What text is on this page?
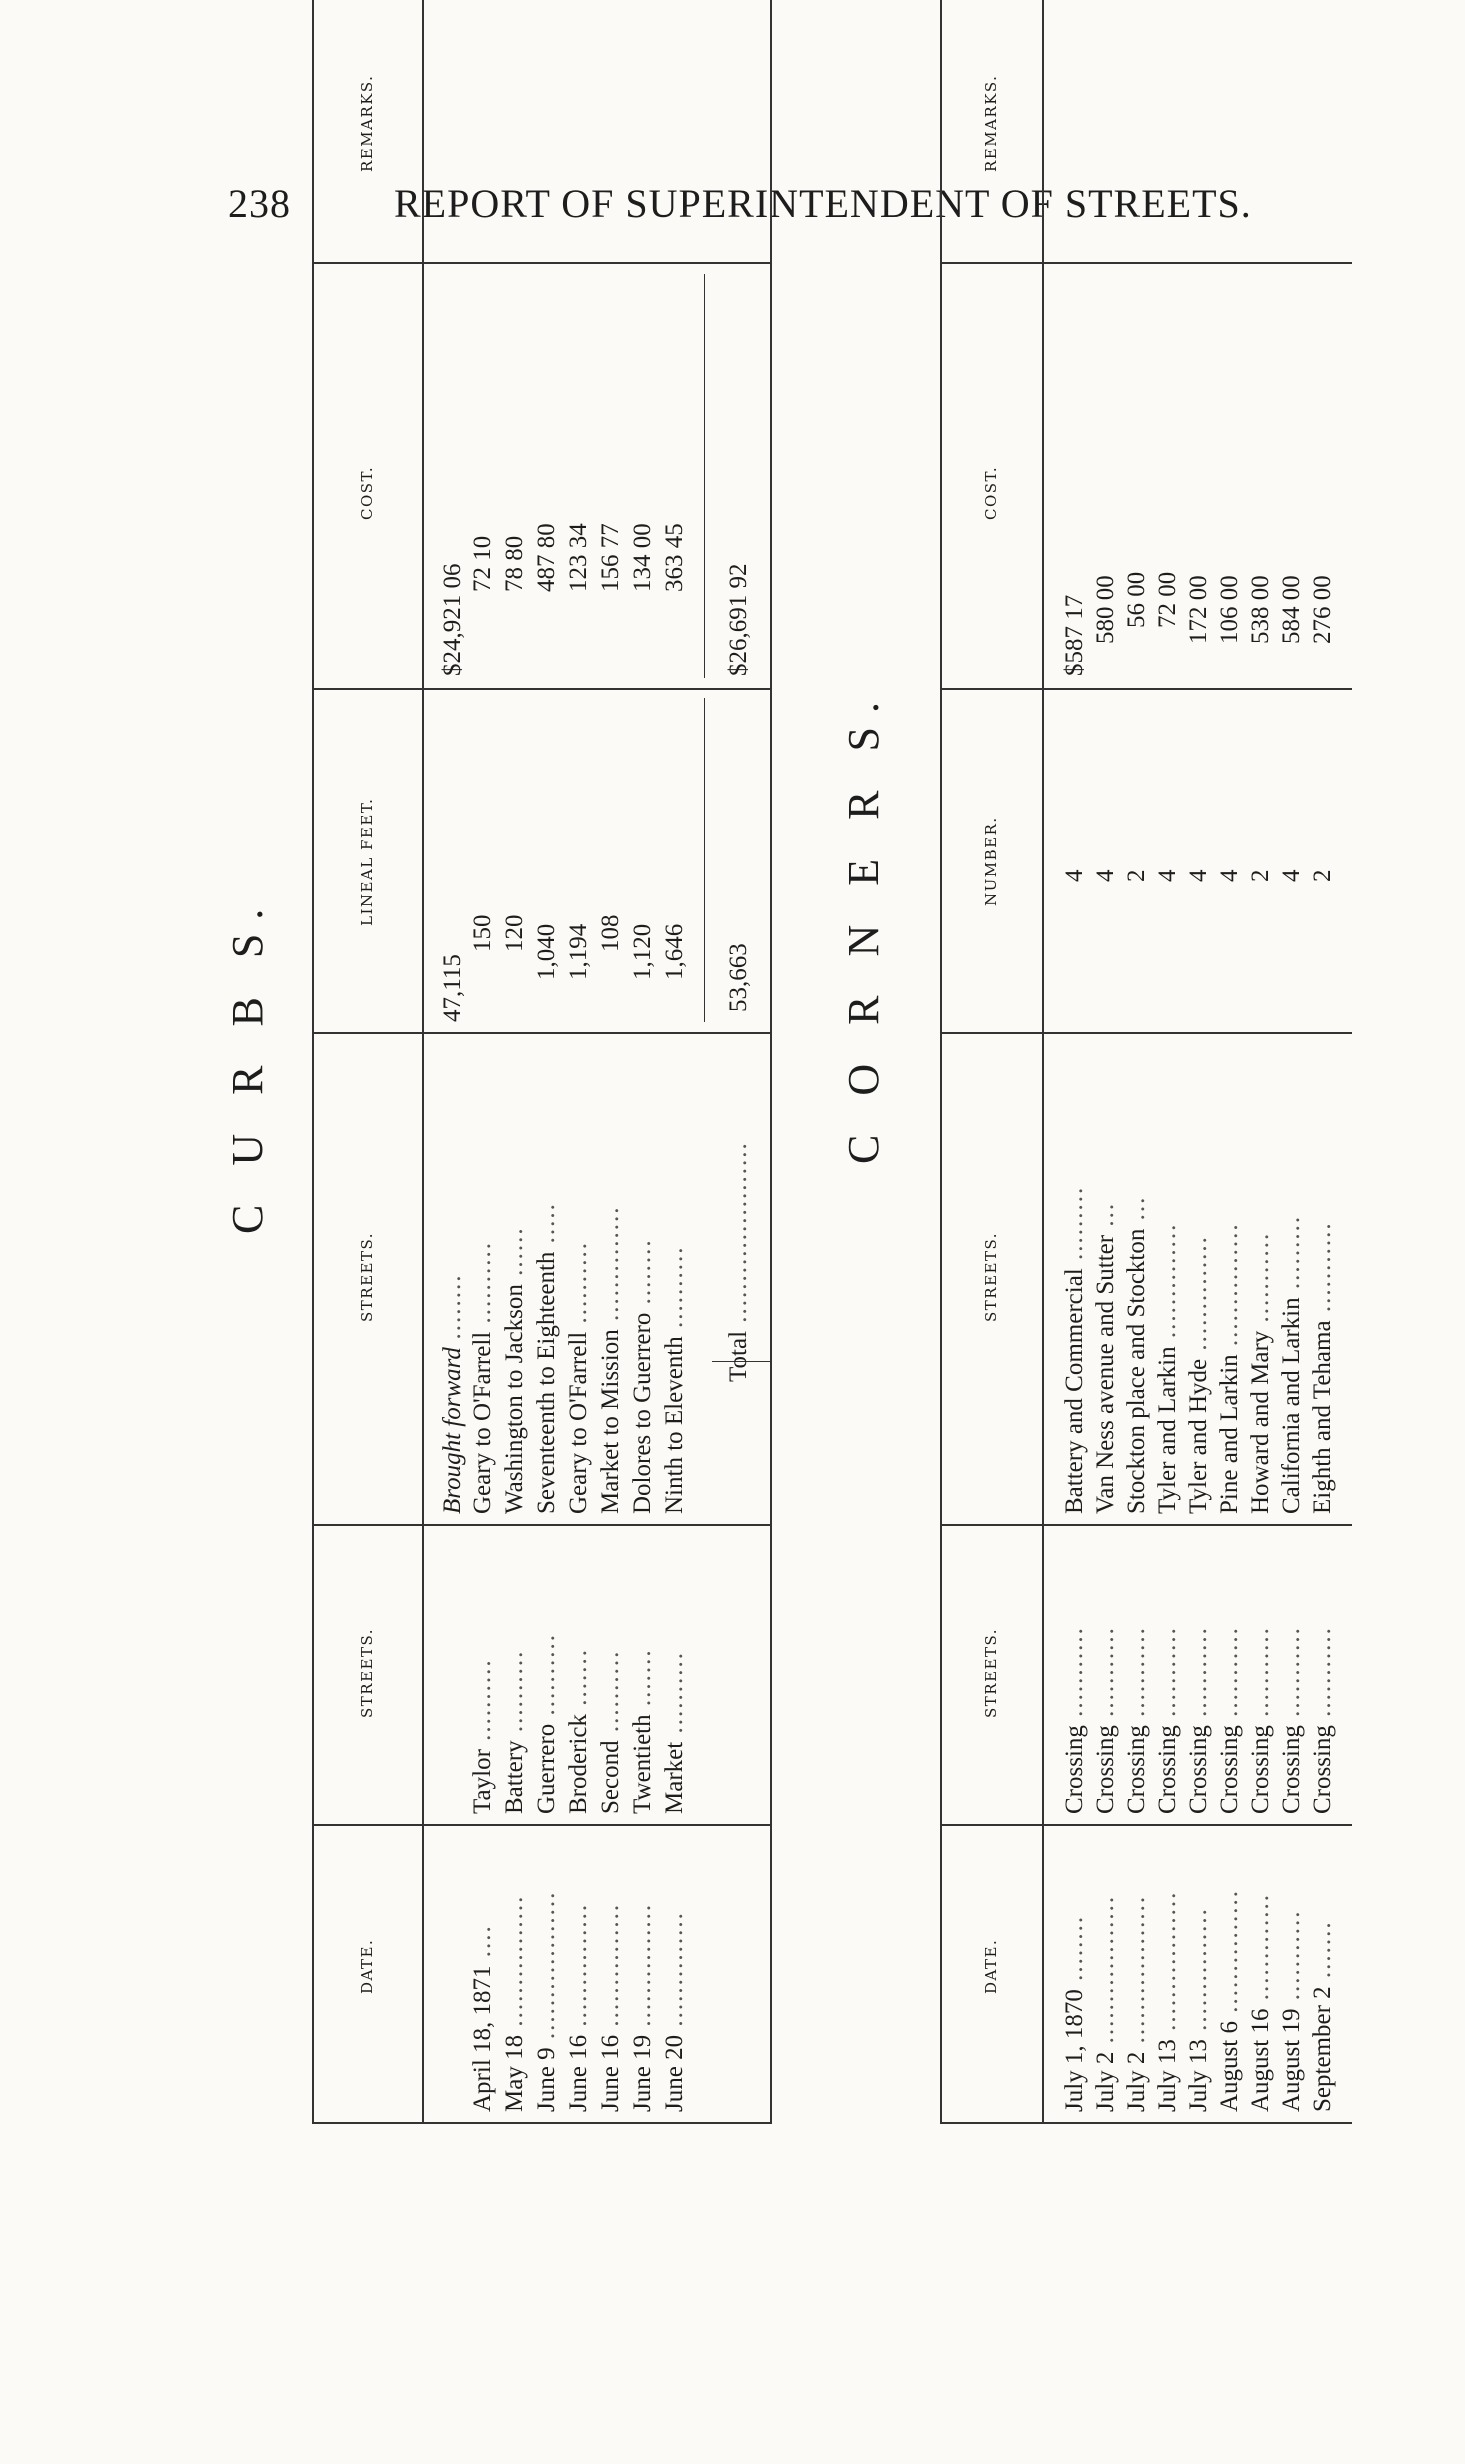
238	REPORT OF SUPERINTENDENT OF STREETS.
C U R B S.
DATE.
STREETS.
STREETS.
LINEAL FEET.
COST.
REMARKS.
Brought forward ........
47,115
$24,921 06
April 18, 1871 ....
Taylor ..........
Geary to O'Farrell ..........
150
72 10
May 18 ................
Battery ..........
Washington to Jackson ......
120
78 80
June 9 ..................
Guerrero ..........
Seventeenth to Eighteenth .....
1,040
487 80
June 16 ...............
Broderick .......
Geary to O'Farrell ..........
1,194
123 34
June 16 ...............
Second ..........
Market to Mission ..............
108
156 77
June 19 ...............
Twentieth .......
Dolores to Guerrero ........
1,120
134 00
June 20 ..............
Market ..........
Ninth to Eleventh ..........
1,646
363 45
Total ......................
53,663
$26,691 92
C O R N E R S.
DATE.
STREETS.
STREETS.
NUMBER.
COST.
REMARKS.
July 1, 1870 ........
Crossing ...........
Battery and Commercial .........
4
$587 17
July 2 ..................
Crossing ...........
Van Ness avenue and Sutter ...
4
580 00
July 2 ..................
Crossing ...........
Stockton place and Stockton ...
2
56 00
July 13 .................
Crossing ...........
Tyler and Larkin ..............
4
72 00
July 13 ...............
Crossing ...........
Tyler and Hyde ..............
4
172 00
August 6 ...............
Crossing ...........
Pine and Larkin ...............
4
106 00
August 16 .............
Crossing ...........
Howard and Mary ...........
2
538 00
August 19 ...........
Crossing ...........
California and Larkin .........
4
584 00
September 2 .......
Crossing ...........
Eighth and Tehama ...........
2
276 00
